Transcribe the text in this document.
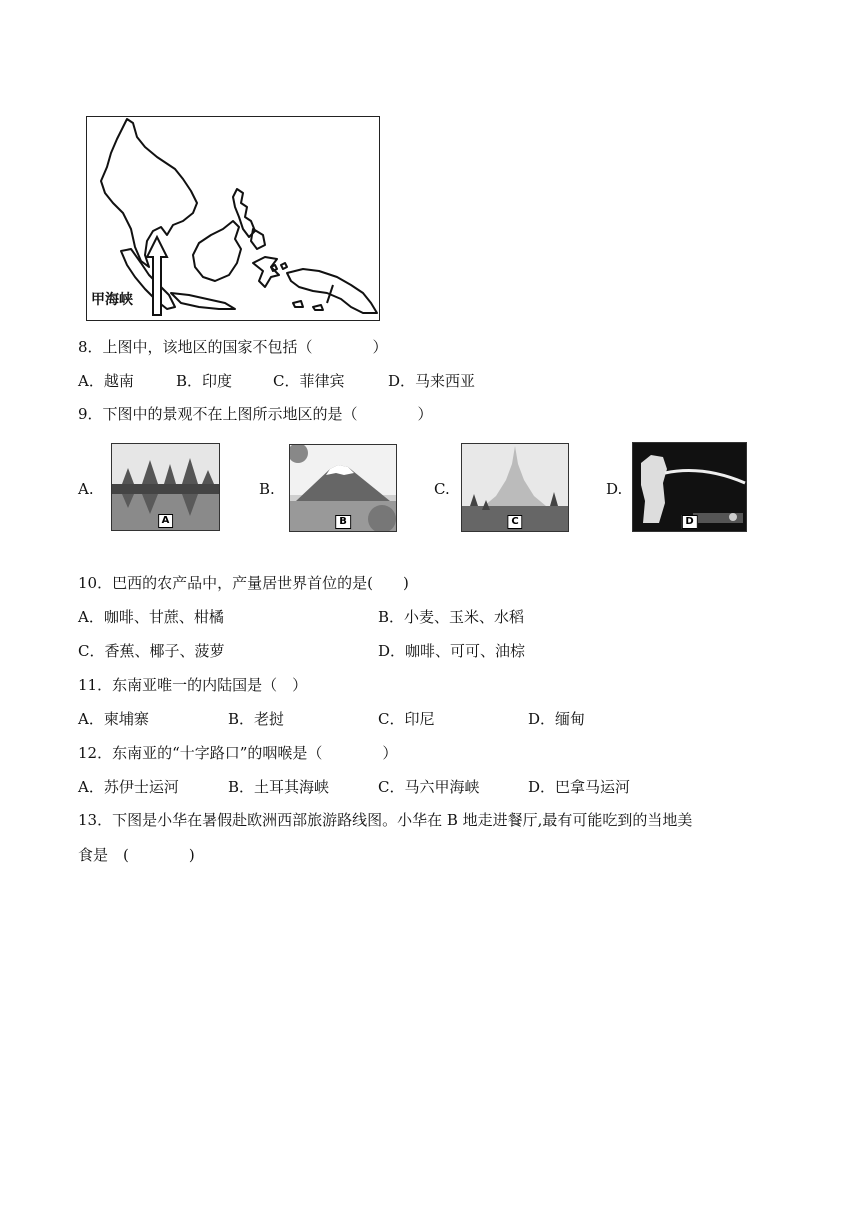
甲海峡
8．上图中，该地区的国家不包括（　　　　）
A．越南	B．印度	C．菲律宾	D．马来西亚
9．下图中的景观不在上图所示地区的是（　　　　）
A.
A
B.
B
C.
C
D.
D
10．巴西的农产品中，产量居世界首位的是(　　)
A．咖啡、甘蔗、柑橘	B．小麦、玉米、水稻
C．香蕉、椰子、菠萝	D．咖啡、可可、油棕
11．东南亚唯一的内陆国是（　）
A．柬埔寨	B．老挝	C．印尼	D．缅甸
12．东南亚的“十字路口”的咽喉是（　　　　）
A．苏伊士运河	B．土耳其海峡	C．马六甲海峡	D．巴拿马运河
13．下图是小华在暑假赴欧洲西部旅游路线图。小华在 B 地走进餐厅,最有可能吃到的当地美
食是　(　　　　)
